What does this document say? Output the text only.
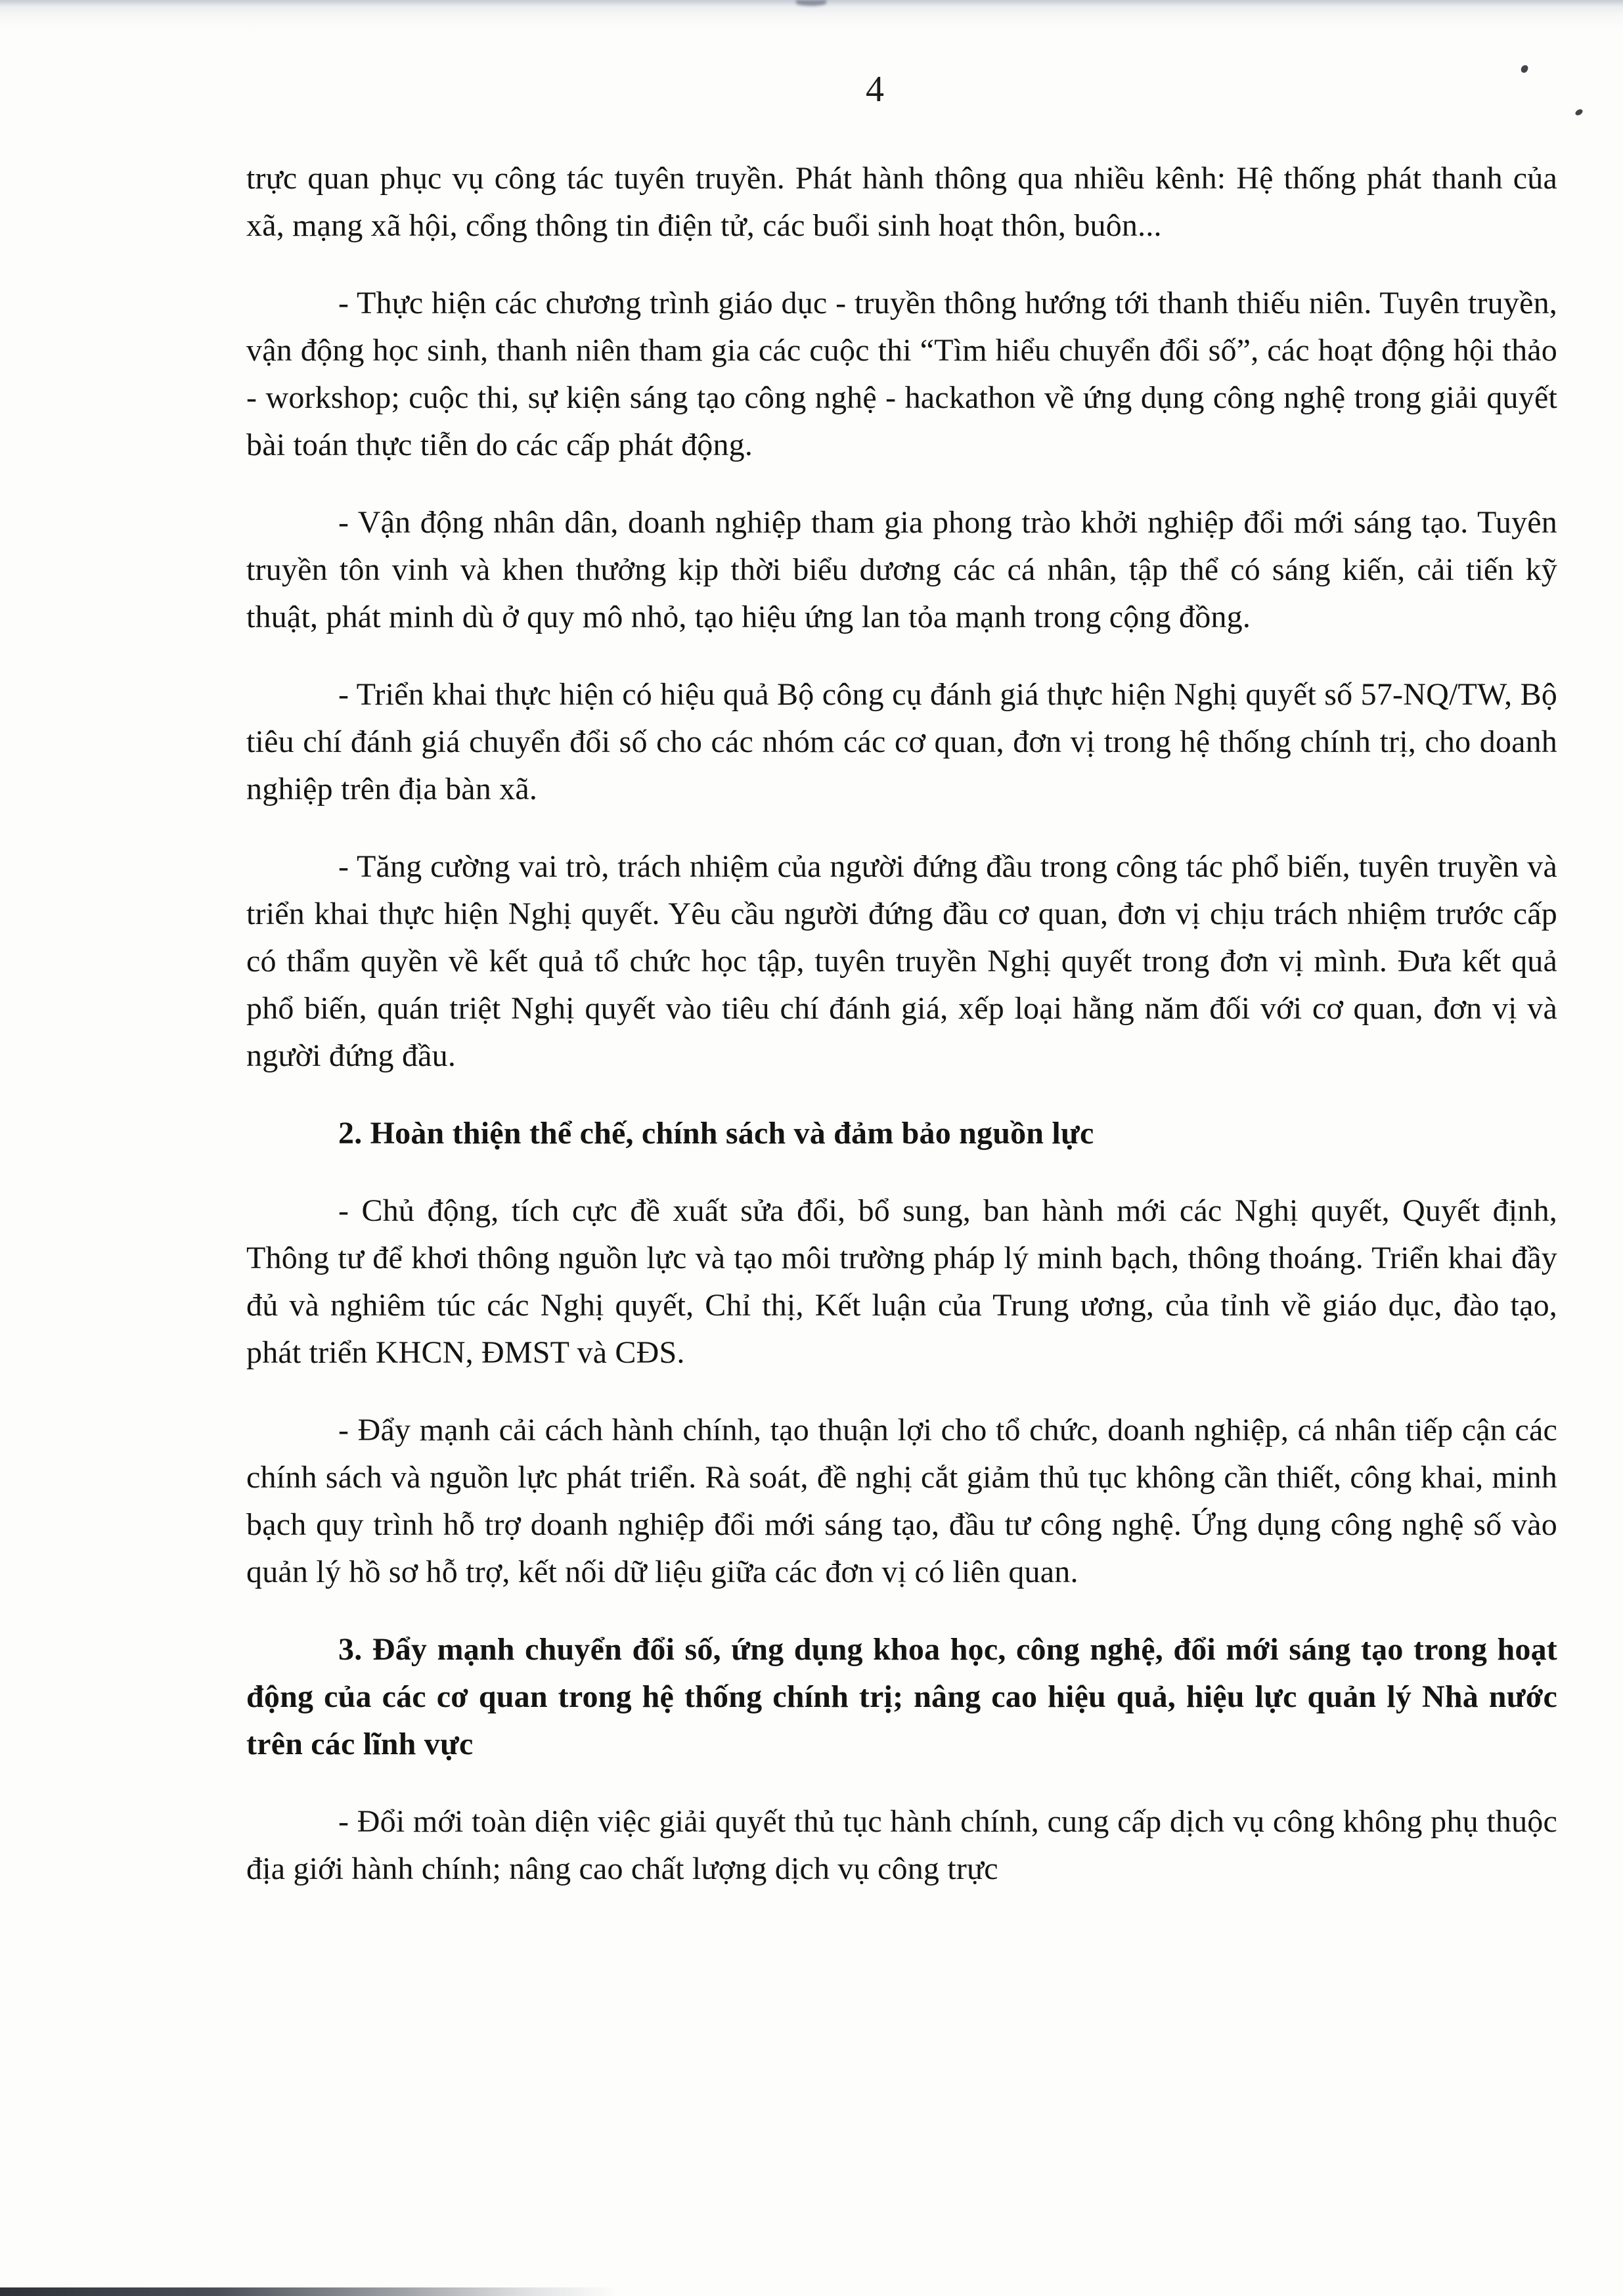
4

trực quan phục vụ công tác tuyên truyền. Phát hành thông qua nhiều kênh: Hệ thống phát thanh của xã, mạng xã hội, cổng thông tin điện tử, các buổi sinh hoạt thôn, buôn...

- Thực hiện các chương trình giáo dục - truyền thông hướng tới thanh thiếu niên. Tuyên truyền, vận động học sinh, thanh niên tham gia các cuộc thi “Tìm hiểu chuyển đổi số”, các hoạt động hội thảo - workshop; cuộc thi, sự kiện sáng tạo công nghệ - hackathon về ứng dụng công nghệ trong giải quyết bài toán thực tiễn do các cấp phát động.

- Vận động nhân dân, doanh nghiệp tham gia phong trào khởi nghiệp đổi mới sáng tạo. Tuyên truyền tôn vinh và khen thưởng kịp thời biểu dương các cá nhân, tập thể có sáng kiến, cải tiến kỹ thuật, phát minh dù ở quy mô nhỏ, tạo hiệu ứng lan tỏa mạnh trong cộng đồng.

- Triển khai thực hiện có hiệu quả Bộ công cụ đánh giá thực hiện Nghị quyết số 57-NQ/TW, Bộ tiêu chí đánh giá chuyển đổi số cho các nhóm các cơ quan, đơn vị trong hệ thống chính trị, cho doanh nghiệp trên địa bàn xã.

- Tăng cường vai trò, trách nhiệm của người đứng đầu trong công tác phổ biến, tuyên truyền và triển khai thực hiện Nghị quyết. Yêu cầu người đứng đầu cơ quan, đơn vị chịu trách nhiệm trước cấp có thẩm quyền về kết quả tổ chức học tập, tuyên truyền Nghị quyết trong đơn vị mình. Đưa kết quả phổ biến, quán triệt Nghị quyết vào tiêu chí đánh giá, xếp loại hằng năm đối với cơ quan, đơn vị và người đứng đầu.

2. Hoàn thiện thể chế, chính sách và đảm bảo nguồn lực

- Chủ động, tích cực đề xuất sửa đổi, bổ sung, ban hành mới các Nghị quyết, Quyết định, Thông tư để khơi thông nguồn lực và tạo môi trường pháp lý minh bạch, thông thoáng. Triển khai đầy đủ và nghiêm túc các Nghị quyết, Chỉ thị, Kết luận của Trung ương, của tỉnh về giáo dục, đào tạo, phát triển KHCN, ĐMST và CĐS.

- Đẩy mạnh cải cách hành chính, tạo thuận lợi cho tổ chức, doanh nghiệp, cá nhân tiếp cận các chính sách và nguồn lực phát triển. Rà soát, đề nghị cắt giảm thủ tục không cần thiết, công khai, minh bạch quy trình hỗ trợ doanh nghiệp đổi mới sáng tạo, đầu tư công nghệ. Ứng dụng công nghệ số vào quản lý hồ sơ hỗ trợ, kết nối dữ liệu giữa các đơn vị có liên quan.

3. Đẩy mạnh chuyển đổi số, ứng dụng khoa học, công nghệ, đổi mới sáng tạo trong hoạt động của các cơ quan trong hệ thống chính trị; nâng cao hiệu quả, hiệu lực quản lý Nhà nước trên các lĩnh vực

- Đổi mới toàn diện việc giải quyết thủ tục hành chính, cung cấp dịch vụ công không phụ thuộc địa giới hành chính; nâng cao chất lượng dịch vụ công trực
